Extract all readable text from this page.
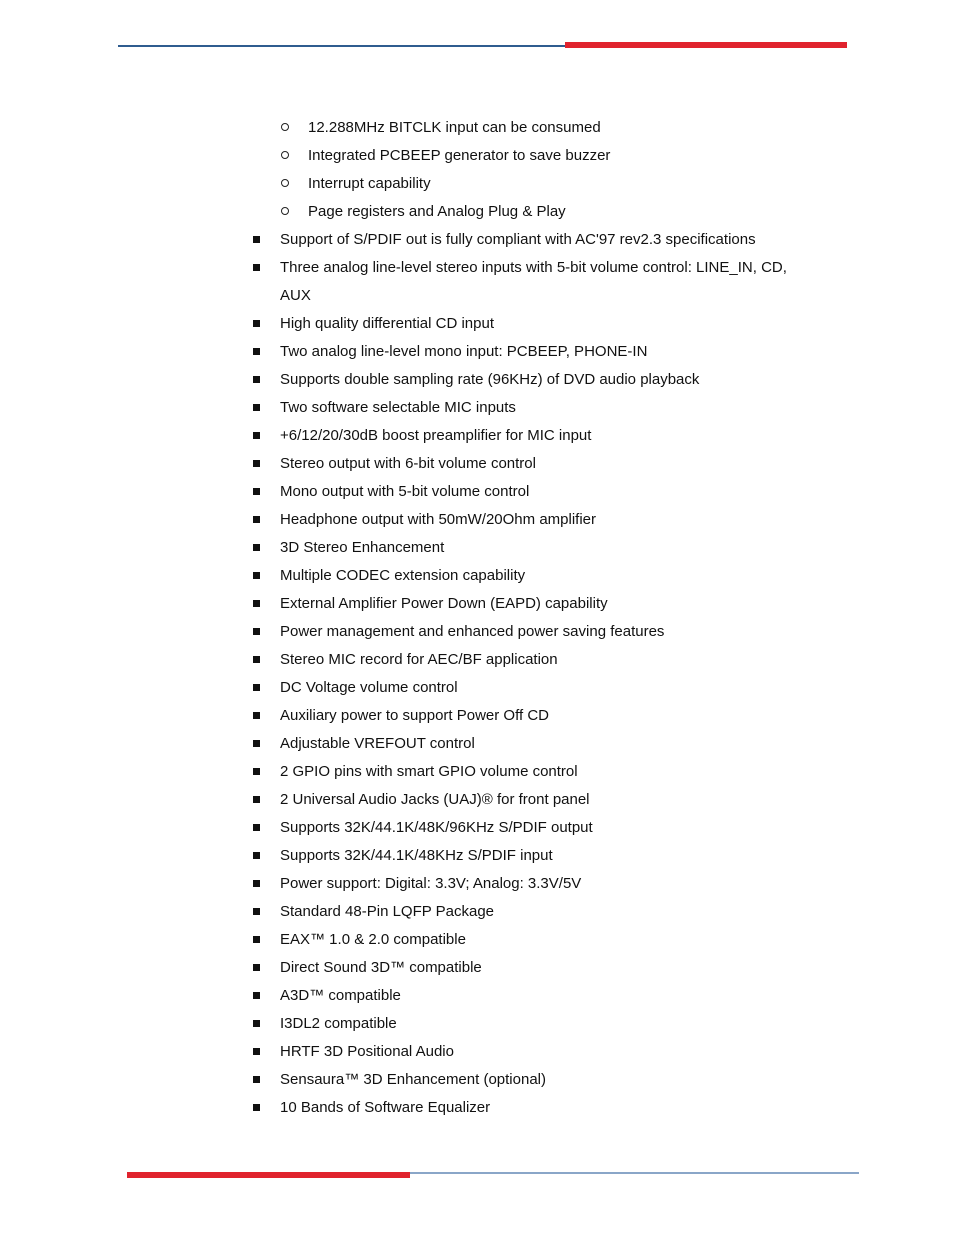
12.288MHz BITCLK input can be consumed
Integrated PCBEEP generator to save buzzer
Interrupt capability
Page registers and Analog Plug & Play
Support of S/PDIF out is fully compliant with AC'97 rev2.3 specifications
Three analog line-level stereo inputs with 5-bit volume control: LINE_IN, CD, AUX
High quality differential CD input
Two analog line-level mono input: PCBEEP, PHONE-IN
Supports double sampling rate (96KHz) of DVD audio playback
Two software selectable MIC inputs
+6/12/20/30dB boost preamplifier for MIC input
Stereo output with 6-bit volume control
Mono output with 5-bit volume control
Headphone output with 50mW/20Ohm amplifier
3D Stereo Enhancement
Multiple CODEC extension capability
External Amplifier Power Down (EAPD) capability
Power management and enhanced power saving features
Stereo MIC record for AEC/BF application
DC Voltage volume control
Auxiliary power to support Power Off CD
Adjustable VREFOUT control
2 GPIO pins with smart GPIO volume control
2 Universal Audio Jacks (UAJ)® for front panel
Supports 32K/44.1K/48K/96KHz S/PDIF output
Supports 32K/44.1K/48KHz S/PDIF input
Power support: Digital: 3.3V; Analog: 3.3V/5V
Standard 48-Pin LQFP Package
EAX™ 1.0 & 2.0 compatible
Direct Sound 3D™ compatible
A3D™ compatible
I3DL2 compatible
HRTF 3D Positional Audio
Sensaura™ 3D Enhancement (optional)
10 Bands of Software Equalizer
